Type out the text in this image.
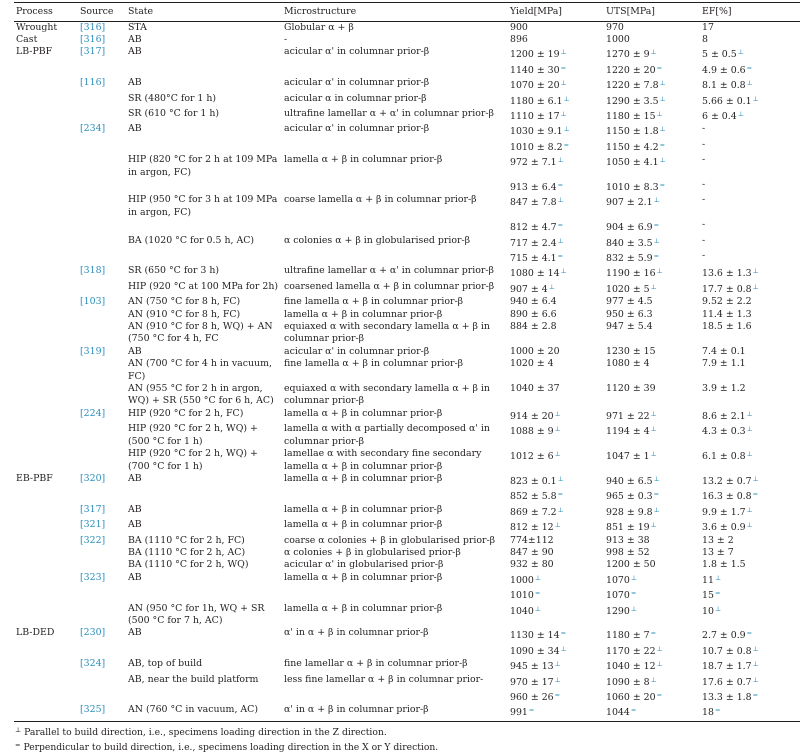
Process	Source	State	Microstructure	Yield[MPa]	UTS[MPa]	EF[%]
Wrought	[316]	STA	Globular α + β	900	970	17
Cast	[316]	AB	-	896	1000	8
LB-PBF	[317]	AB	acicular α' in columnar prior-β	1200 ± 19⊥	1270 ± 9⊥	5 ± 0.5⊥
				1140 ± 30=	1220 ± 20=	4.9 ± 0.6=
	[116]	AB	acicular α' in columnar prior-β	1070 ± 20⊥	1220 ± 7.8⊥	8.1 ± 0.8⊥
		SR (480°C for 1 h)	acicular α in columnar prior-β	1180 ± 6.1⊥	1290 ± 3.5⊥	5.66 ± 0.1⊥
		SR (610 °C for 1 h)	ultrafine lamellar α + α' in columnar prior-β	1110 ± 17⊥	1180 ± 15⊥	6 ± 0.4⊥
	[234]	AB	acicular α' in columnar prior-β	1030 ± 9.1⊥	1150 ± 1.8⊥	-
				1010 ± 8.2=	1150 ± 4.2=	-
		HIP (820 °C for 2 h at 109 MPa in argon, FC)	lamella α + β in columnar prior-β	972 ± 7.1⊥	1050 ± 4.1⊥	-
				913 ± 6.4=	1010 ± 8.3=	-
		HIP (950 °C for 3 h at 109 MPa in argon, FC)	coarse lamella α + β in columnar prior-β	847 ± 7.8⊥	907 ± 2.1⊥	-
				812 ± 4.7=	904 ± 6.9=	-
		BA (1020 °C for 0.5 h, AC)	α colonies α + β in globularised prior-β	717 ± 2.4⊥	840 ± 3.5⊥	-
				715 ± 4.1=	832 ± 5.9=	-
	[318]	SR (650 °C for 3 h)	ultrafine lamellar α + α' in columnar prior-β	1080 ± 14⊥	1190 ± 16⊥	13.6 ± 1.3⊥
		HIP (920 °C at 100 MPa for 2h)	coarsened lamella α + β in columnar prior-β	907 ± 4⊥	1020 ± 5⊥	17.7 ± 0.8⊥
	[103]	AN (750 °C for 8 h, FC)	fine lamella α + β in columnar prior-β	940 ± 6.4	977 ± 4.5	9.52 ± 2.2
		AN (910 °C for 8 h, FC)	lamella α + β in columnar prior-β	890 ± 6.6	950 ± 6.3	11.4 ± 1.3
		AN (910 °C for 8 h, WQ) + AN (750 °C for 4 h, FC	equiaxed α with secondary lamella α + β in columnar prior-β	884 ± 2.8	947 ± 5.4	18.5 ± 1.6
	[319]	AB	acicular α' in columnar prior-β	1000 ± 20	1230 ± 15	7.4 ± 0.1
		AN (700 °C for 4 h in vacuum, FC)	fine lamella α + β in columnar prior-β	1020 ± 4	1080 ± 4	7.9 ± 1.1
		AN (955 °C for 2 h in argon, WQ) + SR (550 °C for 6 h, AC)	equiaxed α with secondary lamella α + β in columnar prior-β	1040 ± 37	1120 ± 39	3.9 ± 1.2
	[224]	HIP (920 °C for 2 h, FC)	lamella α + β in columnar prior-β	914 ± 20⊥	971 ± 22⊥	8.6 ± 2.1⊥
		HIP (920 °C for 2 h, WQ) + (500 °C for 1 h)	lamella α with α partially decomposed α' in columnar prior-β	1088 ± 9⊥	1194 ± 4⊥	4.3 ± 0.3⊥
		HIP (920 °C for 2 h, WQ) + (700 °C for 1 h)	lamellae α with secondary fine secondary lamella α + β in columnar prior-β	1012 ± 6⊥	1047 ± 1⊥	6.1 ± 0.8⊥
EB-PBF	[320]	AB	lamella α + β in columnar prior-β	823 ± 0.1⊥	940 ± 6.5⊥	13.2 ± 0.7⊥
				852 ± 5.8=	965 ± 0.3=	16.3 ± 0.8=
	[317]	AB	lamella α + β in columnar prior-β	869 ± 7.2⊥	928 ± 9.8⊥	9.9 ± 1.7⊥
	[321]	AB	lamella α + β in columnar prior-β	812 ± 12⊥	851 ± 19⊥	3.6 ± 0.9⊥
	[322]	BA (1110 °C for 2 h, FC)	coarse α colonies + β in globularised prior-β	774±112	913 ± 38	13 ± 2
		BA (1110 °C for 2 h, AC)	α colonies + β in globularised prior-β	847 ± 90	998 ± 52	13 ± 7
		BA (1110 °C for 2 h, WQ)	acicular α' in globularised prior-β	932 ± 80	1200 ± 50	1.8 ± 1.5
	[323]	AB	lamella α + β in columnar prior-β	1000⊥	1070⊥	11⊥
				1010=	1070=	15=
		AN (950 °C for 1h, WQ + SR (500 °C for 7 h, AC)	lamella α + β in columnar prior-β	1040⊥	1290⊥	10⊥
LB-DED	[230]	AB	α' in α + β in columnar prior-β	1130 ± 14=	1180 ± 7=	2.7 ± 0.9=
				1090 ± 34⊥	1170 ± 22⊥	10.7 ± 0.8⊥
	[324]	AB, top of build	fine lamellar α + β in columnar prior-β	945 ± 13⊥	1040 ± 12⊥	18.7 ± 1.7⊥
		AB, near the build platform	less fine lamellar α + β in columnar prior-	970 ± 17⊥	1090 ± 8⊥	17.6 ± 0.7⊥
				960 ± 26=	1060 ± 20=	13.3 ± 1.8=
	[325]	AN (760 °C in vacuum, AC)	α' in α + β in columnar prior-β	991=	1044=	18=
⊥ Parallel to build direction, i.e., specimens loading direction in the Z direction.
= Perpendicular to build direction, i.e., specimens loading direction in the X or Y direction.
